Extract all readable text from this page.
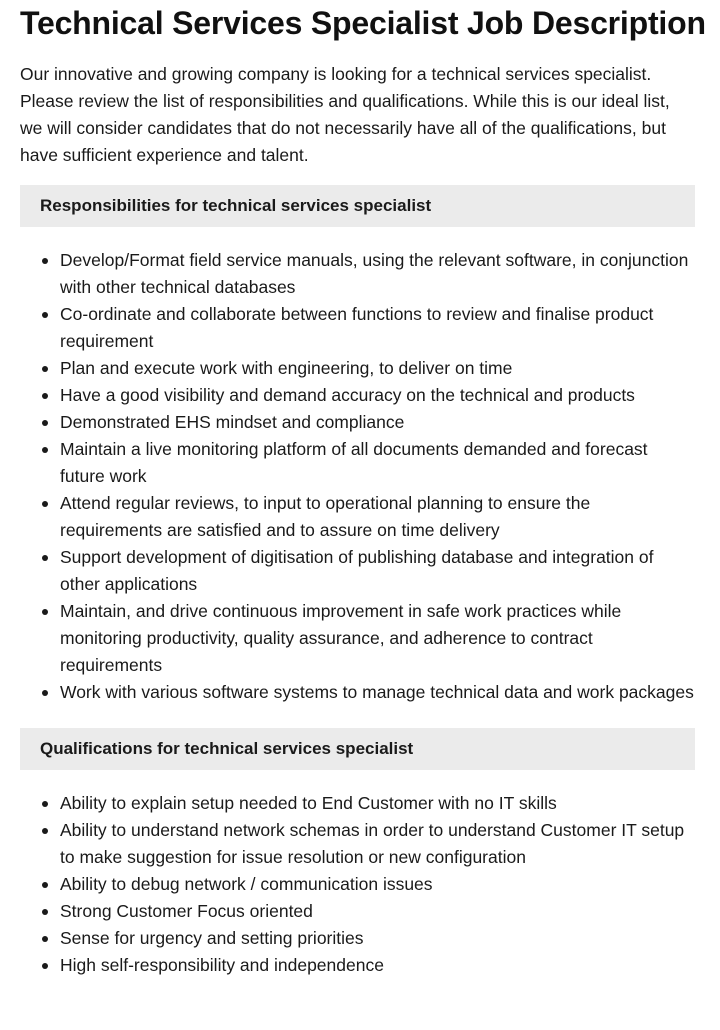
Technical Services Specialist Job Description

Our innovative and growing company is looking for a technical services specialist. Please review the list of responsibilities and qualifications. While this is our ideal list, we will consider candidates that do not necessarily have all of the qualifications, but have sufficient experience and talent.

Responsibilities for technical services specialist
Develop/Format field service manuals, using the relevant software, in conjunction with other technical databases
Co-ordinate and collaborate between functions to review and finalise product requirement
Plan and execute work with engineering, to deliver on time
Have a good visibility and demand accuracy on the technical and products
Demonstrated EHS mindset and compliance
Maintain a live monitoring platform of all documents demanded and forecast future work
Attend regular reviews, to input to operational planning to ensure the requirements are satisfied and to assure on time delivery
Support development of digitisation of publishing database and integration of other applications
Maintain, and drive continuous improvement in safe work practices while monitoring productivity, quality assurance, and adherence to contract requirements
Work with various software systems to manage technical data and work packages
Qualifications for technical services specialist
Ability to explain setup needed to End Customer with no IT skills
Ability to understand network schemas in order to understand Customer IT setup to make suggestion for issue resolution or new configuration
Ability to debug network / communication issues
Strong Customer Focus oriented
Sense for urgency and setting priorities
High self-responsibility and independence
